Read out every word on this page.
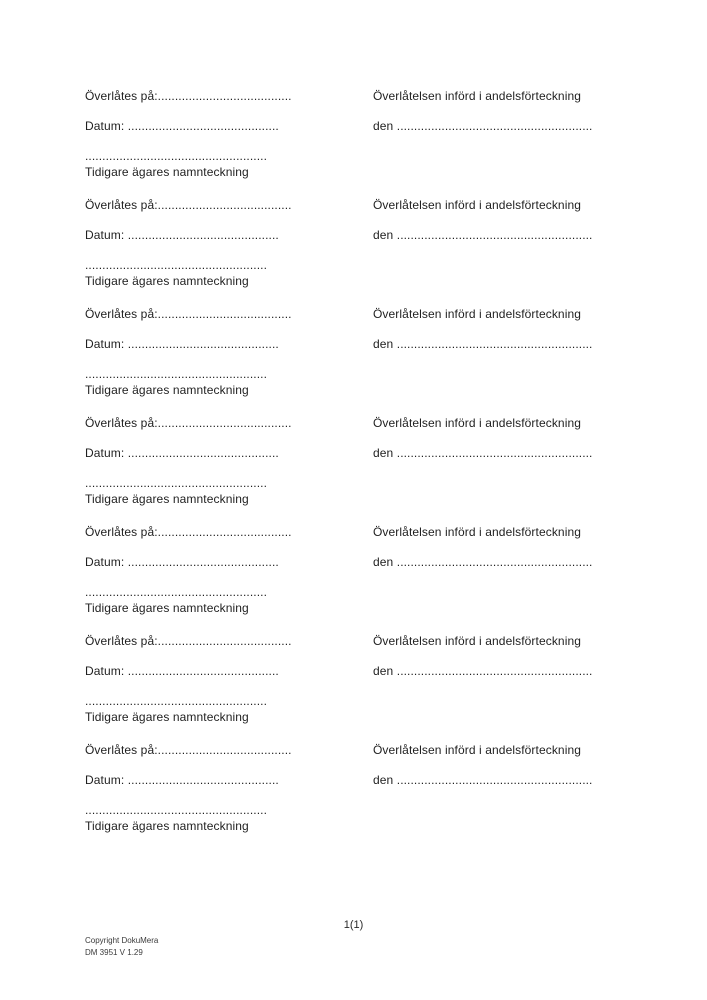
Överlåtes på:.......................................	Överlåtelsen införd i andelsförteckning
Datum: ............................................	den .........................................................
.....................................................
Tidigare ägares namnteckning
Överlåtes på:.......................................	Överlåtelsen införd i andelsförteckning
Datum: ............................................	den .........................................................
.....................................................
Tidigare ägares namnteckning
Överlåtes på:.......................................	Överlåtelsen införd i andelsförteckning
Datum: ............................................	den .........................................................
.....................................................
Tidigare ägares namnteckning
Överlåtes på:.......................................	Överlåtelsen införd i andelsförteckning
Datum: ............................................	den .........................................................
.....................................................
Tidigare ägares namnteckning
Överlåtes på:.......................................	Överlåtelsen införd i andelsförteckning
Datum: ............................................	den .........................................................
.....................................................
Tidigare ägares namnteckning
Överlåtes på:.......................................	Överlåtelsen införd i andelsförteckning
Datum: ............................................	den .........................................................
.....................................................
Tidigare ägares namnteckning
Överlåtes på:.......................................	Överlåtelsen införd i andelsförteckning
Datum: ............................................	den .........................................................
.....................................................
Tidigare ägares namnteckning
1(1)
Copyright DokuMera
DM 3951 V 1.29
